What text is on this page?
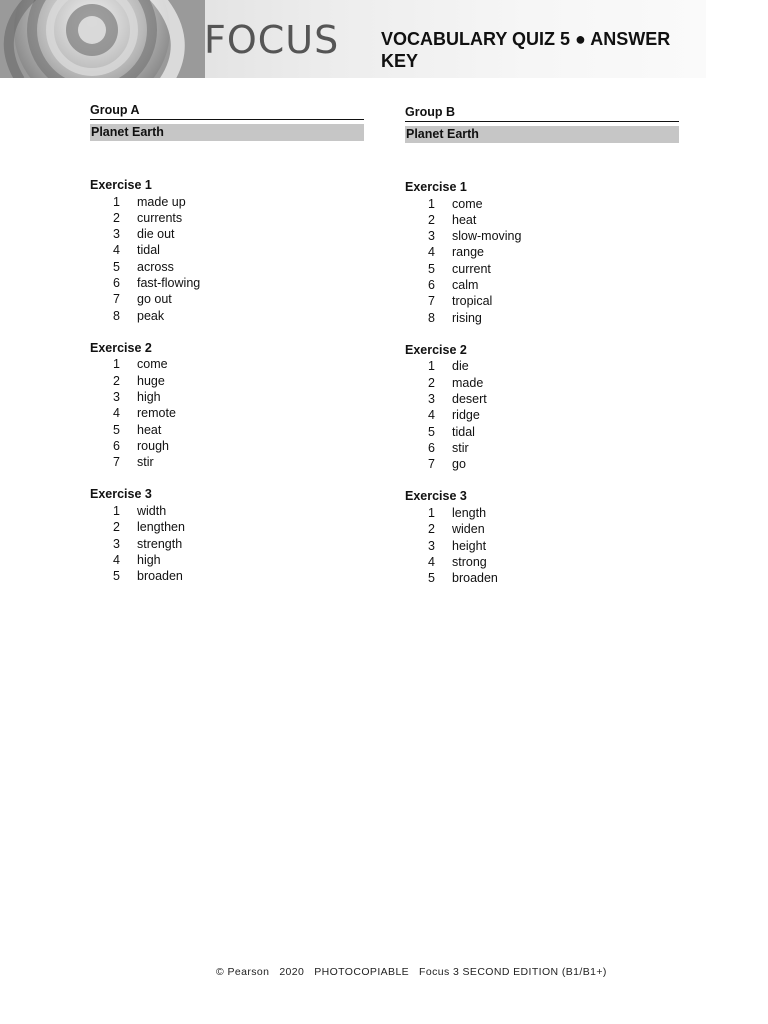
FOCUS VOCABULARY QUIZ 5 ● ANSWER KEY
Group A
Planet Earth
Exercise 1
1 made up
2 currents
3 die out
4 tidal
5 across
6 fast-flowing
7 go out
8 peak
Exercise 2
1 come
2 huge
3 high
4 remote
5 heat
6 rough
7 stir
Exercise 3
1 width
2 lengthen
3 strength
4 high
5 broaden
Group B
Planet Earth
Exercise 1
1 come
2 heat
3 slow-moving
4 range
5 current
6 calm
7 tropical
8 rising
Exercise 2
1 die
2 made
3 desert
4 ridge
5 tidal
6 stir
7 go
Exercise 3
1 length
2 widen
3 height
4 strong
5 broaden
© Pearson   2020   PHOTOCOPIABLE   Focus 3 SECOND EDITION (B1/B1+)
